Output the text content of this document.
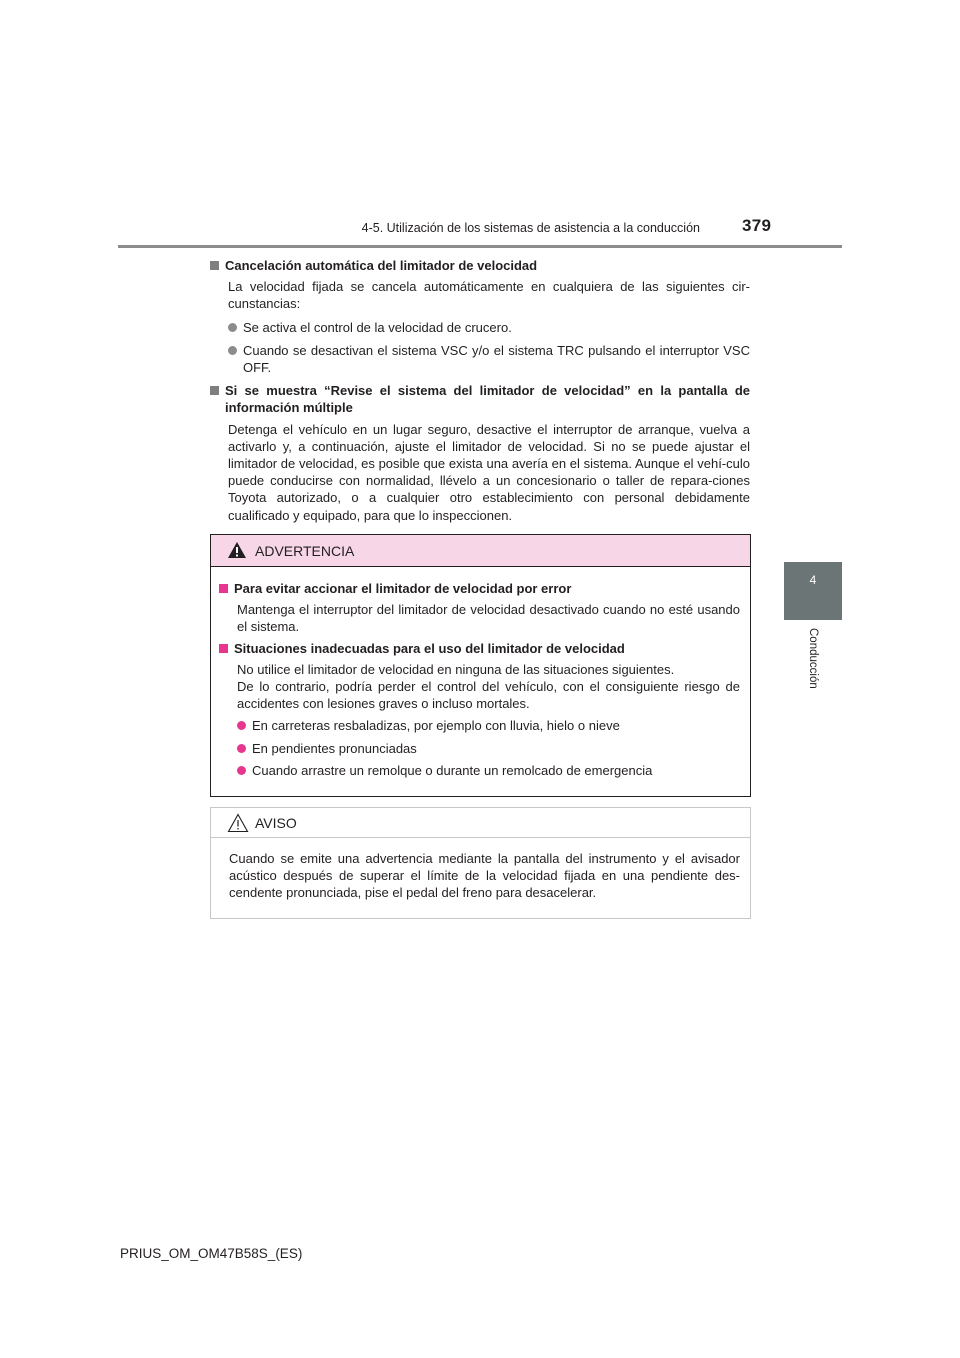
4-5. Utilización de los sistemas de asistencia a la conducción 379
4
Conducción
Cancelación automática del limitador de velocidad
La velocidad fijada se cancela automáticamente en cualquiera de las siguientes cir-cunstancias:
Se activa el control de la velocidad de crucero.
Cuando se desactivan el sistema VSC y/o el sistema TRC pulsando el interruptor VSC OFF.
Si se muestra “Revise el sistema del limitador de velocidad” en la pantalla de información múltiple
Detenga el vehículo en un lugar seguro, desactive el interruptor de arranque, vuelva a activarlo y, a continuación, ajuste el limitador de velocidad. Si no se puede ajustar el limitador de velocidad, es posible que exista una avería en el sistema. Aunque el vehí-culo puede conducirse con normalidad, llévelo a un concesionario o taller de repara-ciones Toyota autorizado, o a cualquier otro establecimiento con personal debidamente cualificado y equipado, para que lo inspeccionen.
ADVERTENCIA
Para evitar accionar el limitador de velocidad por error
Mantenga el interruptor del limitador de velocidad desactivado cuando no esté usando el sistema.
Situaciones inadecuadas para el uso del limitador de velocidad
No utilice el limitador de velocidad en ninguna de las situaciones siguientes.
De lo contrario, podría perder el control del vehículo, con el consiguiente riesgo de accidentes con lesiones graves o incluso mortales.
En carreteras resbaladizas, por ejemplo con lluvia, hielo o nieve
En pendientes pronunciadas
Cuando arrastre un remolque o durante un remolcado de emergencia
AVISO
Cuando se emite una advertencia mediante la pantalla del instrumento y el avisador acústico después de superar el límite de la velocidad fijada en una pendiente des-cendente pronunciada, pise el pedal del freno para desacelerar.
PRIUS_OM_OM47B58S_(ES)
